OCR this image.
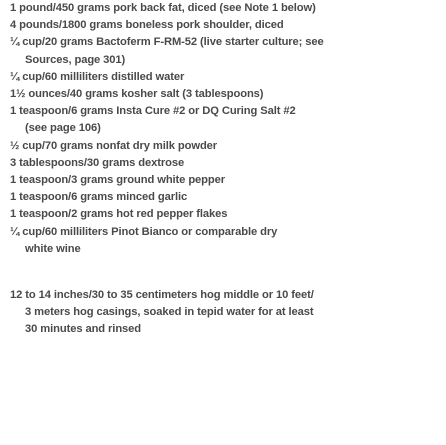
1 pound/450 grams pork back fat, diced (see Note 1 below)
4 pounds/1800 grams boneless pork shoulder, diced
¼ cup/20 grams Bactoferm F-RM-52 (live starter culture; see
Sources, page 301)
¼ cup/60 milliliters distilled water
1½ ounces/40 grams kosher salt (3 tablespoons)
1 teaspoon/6 grams Insta Cure #2 or DQ Curing Salt #2
(see page 106)
½ cup/70 grams nonfat dry milk powder
3 tablespoons/30 grams dextrose
1 teaspoon/3 grams ground white pepper
1 teaspoon/6 grams minced garlic
1 teaspoon/2 grams hot red pepper flakes
¼ cup/60 milliliters Pinot Bianco or comparable dry
white wine
12 to 14 inches/30 to 35 centimeters hog middle or 10 feet/
3 meters hog casings, soaked in tepid water for at least
30 minutes and rinsed
